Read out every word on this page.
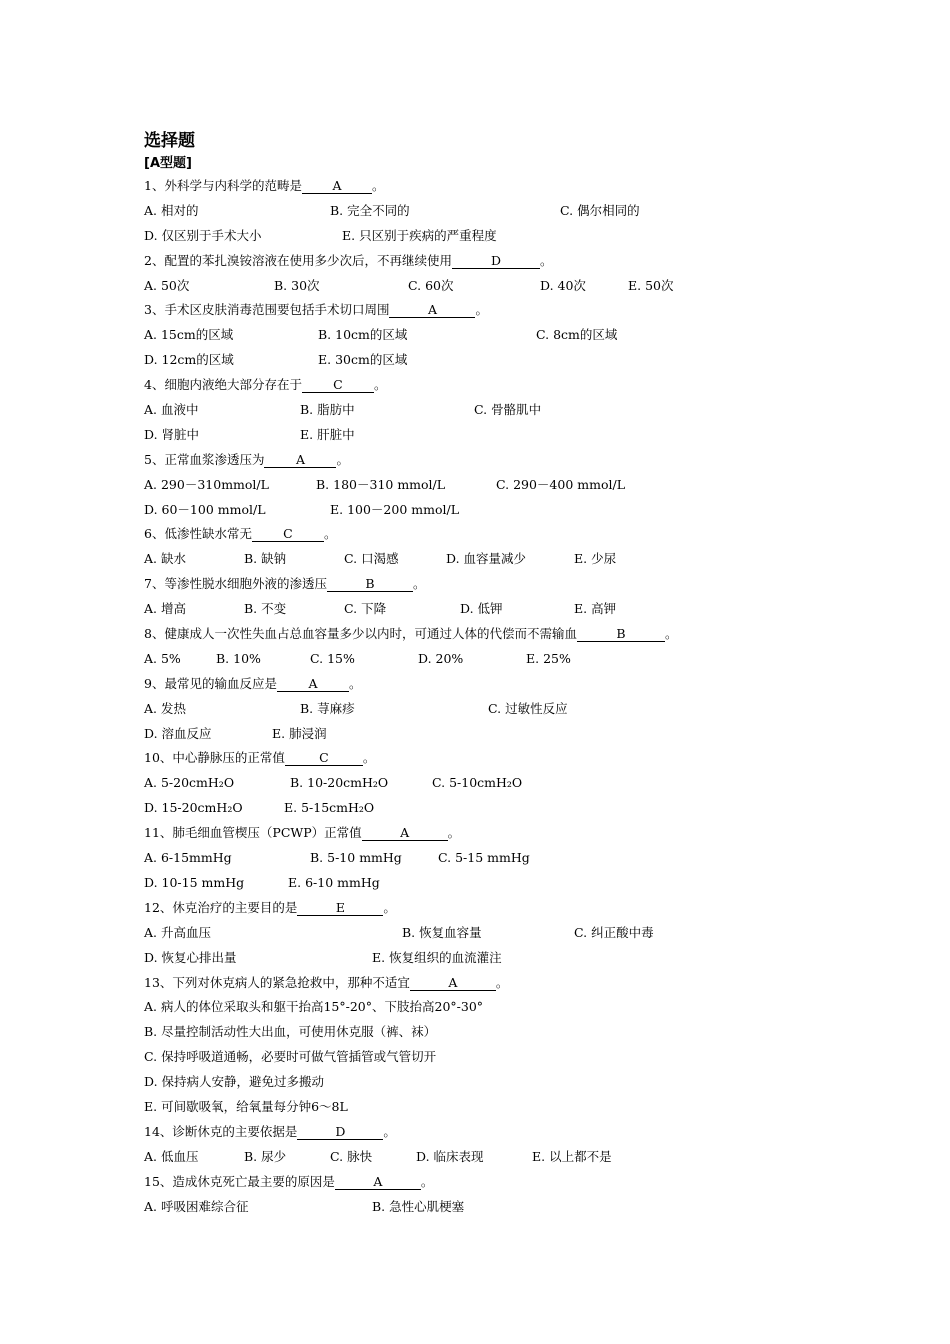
选择题
[A型题]
1、外科学与内科学的范畴是 A 。
A. 相对的	B. 完全不同的	C. 偶尔相同的
D. 仅区别于手术大小	E. 只区别于疾病的严重程度
2、配置的苯扎溴铵溶液在使用多少次后，不再继续使用	D	。
A. 50次	B. 30次	C. 60次	D. 40次	E. 50次
3、手术区皮肤消毒范围要包括手术切口周围	A	。
A. 15cm的区域	B. 10cm的区域	C. 8cm的区域
D. 12cm的区域	E. 30cm的区域
4、细胞内液绝大部分存在于 C 。
A. 血液中	B. 脂肪中	C. 骨骼肌中
D. 肾脏中	E. 肝脏中
5、正常血浆渗透压为	A	。
A. 290－310mmol/L	B. 180－310 mmol/L	C. 290－400 mmol/L
D. 60－100 mmol/L	E. 100－200 mmol/L
6、低渗性缺水常无 C 。
A. 缺水	B. 缺钠	C. 口渴感	D. 血容量减少	E. 少尿
7、等渗性脱水细胞外液的渗透压	B	。
A. 增高	B. 不变	C. 下降	D. 低钾	E. 高钾
8、健康成人一次性失血占总血容量多少以内时，可通过人体的代偿而不需输血	B	。
A. 5%	B. 10%	C. 15%	D. 20%	E. 25%
9、最常见的输血反应是	A	。
A. 发热	B. 荨麻疹	C. 过敏性反应
D. 溶血反应	E. 肺浸润
10、中心静脉压的正常值	C	。
A. 5-20cmH₂O	B. 10-20cmH₂O	C. 5-10cmH₂O
D. 15-20cmH₂O	E. 5-15cmH₂O
11、肺毛细血管楔压（PCWP）正常值	A	。
A. 6-15mmHg	B. 5-10 mmHg	C. 5-15 mmHg
D. 10-15 mmHg	E. 6-10 mmHg
12、休克治疗的主要目的是	E	。
A. 升高血压	B. 恢复血容量	C. 纠正酸中毒
D. 恢复心排出量	E. 恢复组织的血流灌注
13、下列对休克病人的紧急抢救中，那种不适宜	A	。
A. 病人的体位采取头和躯干抬高15°-20°、下肢抬高20°-30°
B. 尽量控制活动性大出血，可使用休克服（裤、袜）
C. 保持呼吸道通畅，必要时可做气管插管或气管切开
D. 保持病人安静，避免过多搬动
E. 可间歇吸氧，给氧量每分钟6～8L
14、诊断休克的主要依据是	D	。
A. 低血压	B. 尿少	C. 脉快	D. 临床表现	E. 以上都不是
15、造成休克死亡最主要的原因是	A	。
A. 呼吸困难综合征	B. 急性心肌梗塞
